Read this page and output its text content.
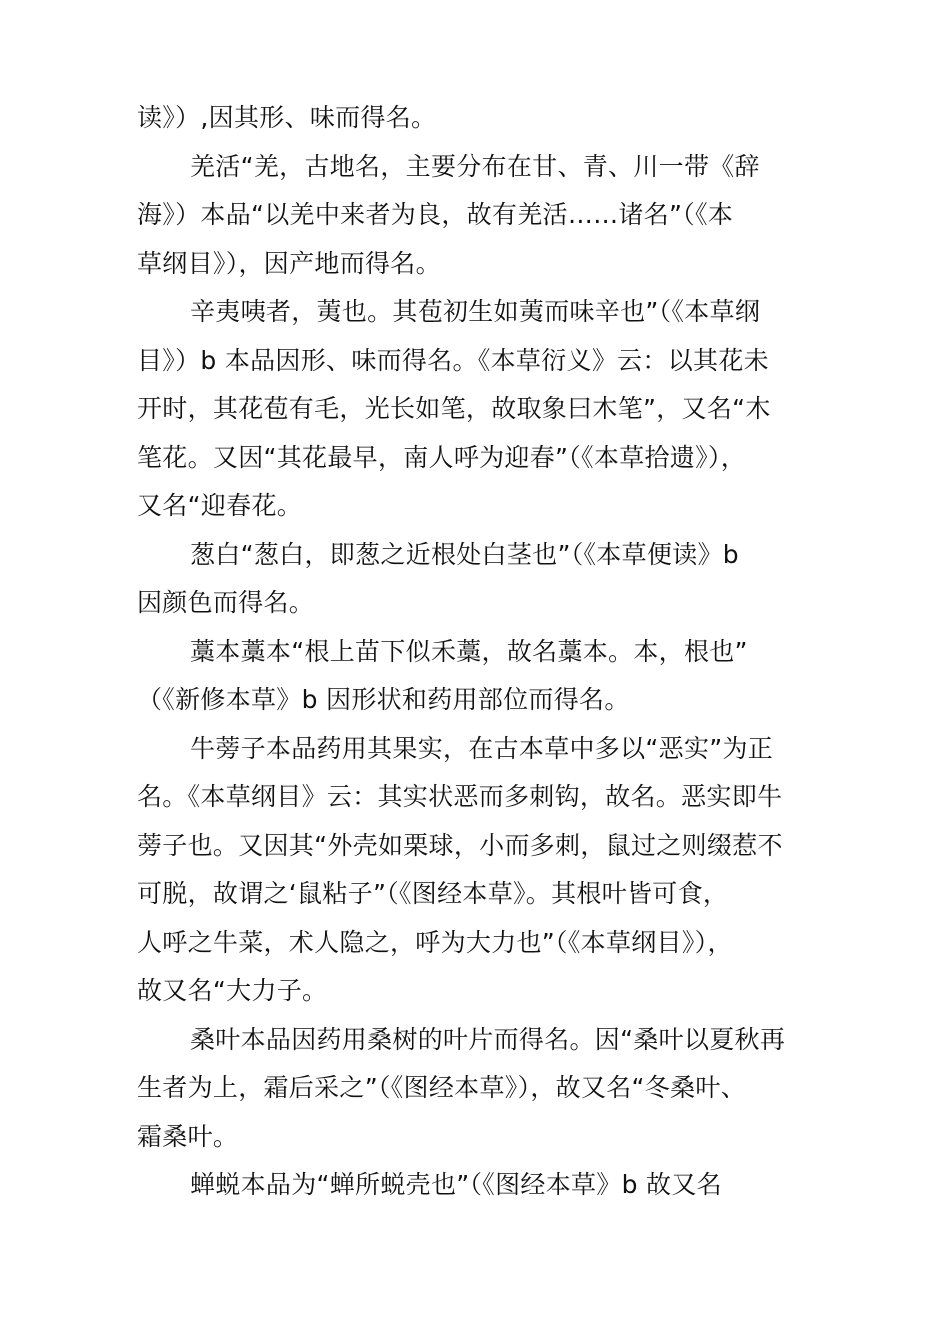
读》）,因其形、味而得名。
羌活“羌，古地名，主要分布在甘、青、川一带《辞
海》）本品“以羌中来者为良，故有羌活……诸名”（《本
草纲目》），因产地而得名。
辛夷咦者，荑也。其苞初生如荑而味辛也”（《本草纲
目》）b 本品因形、味而得名。《本草衍义》云：以其花未
开时，其花苞有毛，光长如笔，故取象曰木笔”，又名“木
笔花。又因“其花最早，南人呼为迎春”（《本草拾遗》），
又名“迎春花。
葱白“葱白，即葱之近根处白茎也”（《本草便读》b
因颜色而得名。
藁本藁本“根上苗下似禾藁，故名藁本。本，根也”
（《新修本草》b 因形状和药用部位而得名。
牛蒡子本品药用其果实，在古本草中多以“恶实”为正
名。《本草纲目》云：其实状恶而多刺钩，故名。恶实即牛
蒡子也。又因其“外壳如栗球，小而多刺，鼠过之则缀惹不
可脱，故谓之‘鼠粘子”（《图经本草》。其根叶皆可食，
人呼之牛菜，术人隐之，呼为大力也”（《本草纲目》），
故又名“大力子。
桑叶本品因药用桑树的叶片而得名。因“桑叶以夏秋再
生者为上，霜后采之”（《图经本草》），故又名“冬桑叶、
霜桑叶。
蝉蜕本品为“蝉所蜕壳也”（《图经本草》b 故又名
